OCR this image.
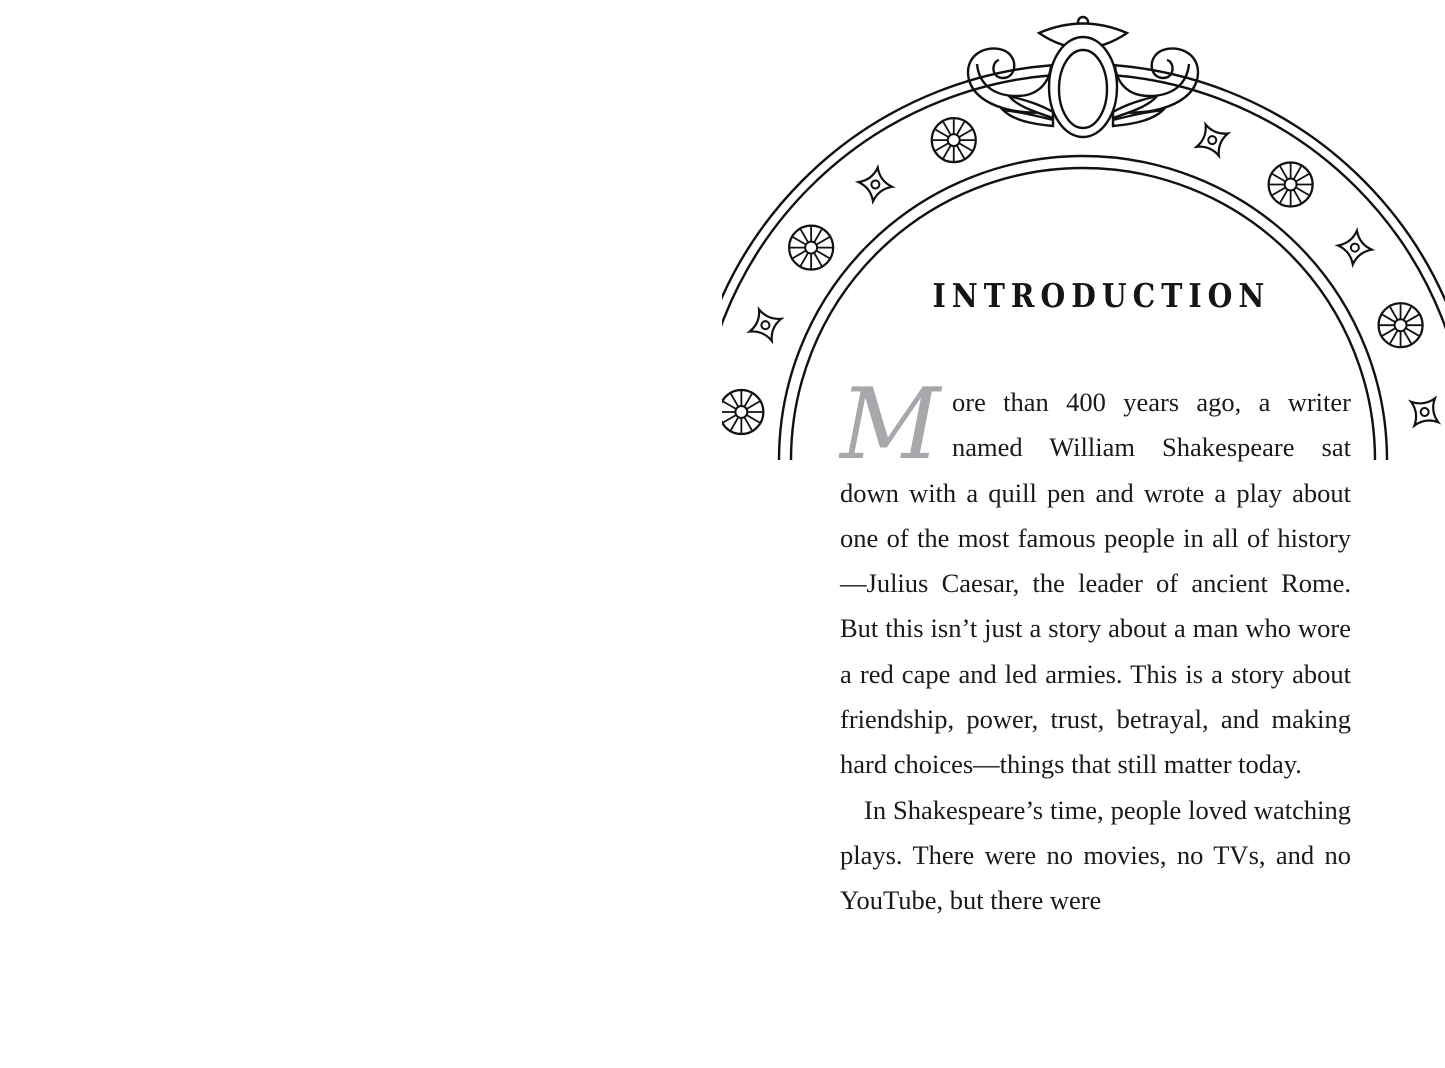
INTRODUCTION

M ore than 400 years ago, a writer named William Shakespeare sat down with a quill pen and wrote a play about one of the most famous people in all of history—Julius Caesar, the leader of ancient Rome. But this isn’t just a story about a man who wore a red cape and led armies. This is a story about friendship, power, trust, betrayal, and making hard choices—things that still matter today.

In Shakespeare’s time, people loved watching plays. There were no movies, no TVs, and no YouTube, but there were
